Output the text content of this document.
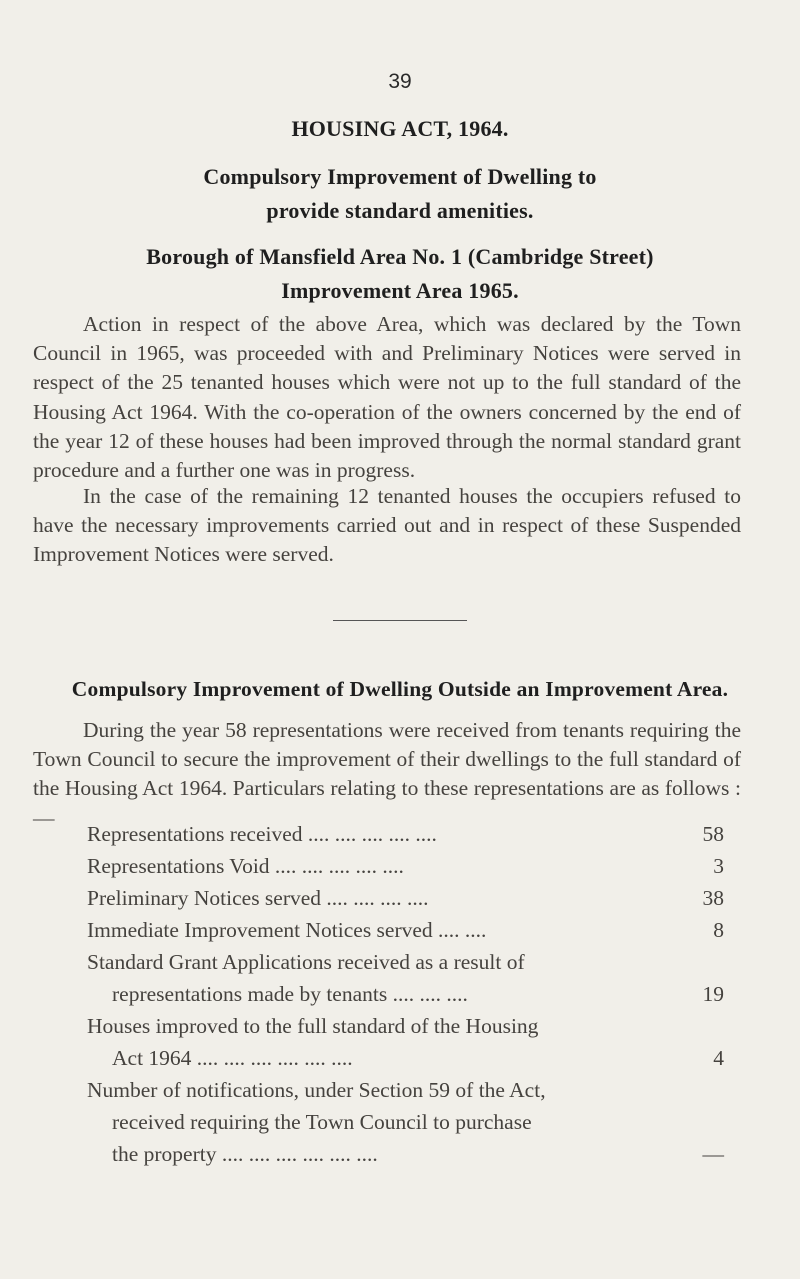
39
HOUSING ACT, 1964.
Compulsory Improvement of Dwelling to provide standard amenities.
Borough of Mansfield Area No. 1 (Cambridge Street) Improvement Area 1965.
Action in respect of the above Area, which was declared by the Town Council in 1965, was proceeded with and Preliminary Notices were served in respect of the 25 tenanted houses which were not up to the full standard of the Housing Act 1964. With the co-operation of the owners concerned by the end of the year 12 of these houses had been improved through the normal standard grant procedure and a further one was in progress.
In the case of the remaining 12 tenanted houses the occupiers refused to have the necessary improvements carried out and in respect of these Suspended Improvement Notices were served.
Compulsory Improvement of Dwelling Outside an Improvement Area.
During the year 58 representations were received from tenants requiring the Town Council to secure the improvement of their dwellings to the full standard of the Housing Act 1964. Particulars relating to these representations are as follows :—
Representations received .... .... .... .... ....	58
Representations Void .... .... .... .... ....	3
Preliminary Notices served .... .... .... ....	38
Immediate Improvement Notices served .... ....	8
Standard Grant Applications received as a result of
representations made by tenants .... .... ....	19
Houses improved to the full standard of the Housing
Act 1964 .... .... .... .... .... ....	4
Number of notifications, under Section 59 of the Act,
received requiring the Town Council to purchase
the property .... .... .... .... .... ....	—
